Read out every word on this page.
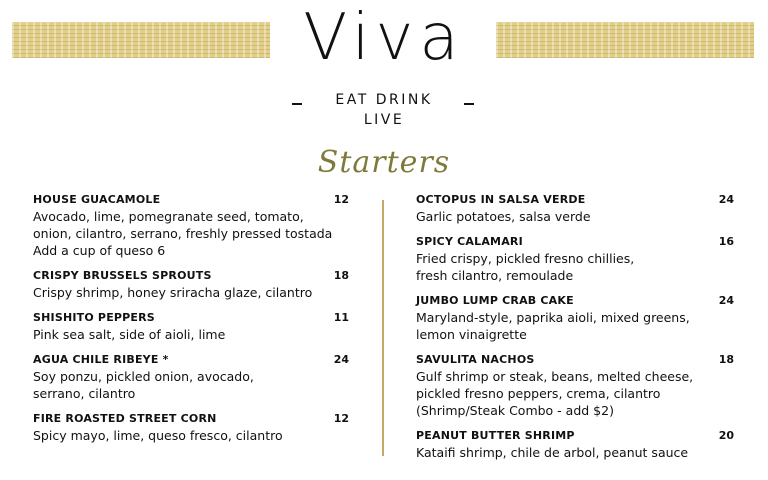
Viva
EAT DRINK
LIVE
Starters
HOUSE GUACAMOLE	12
Avocado, lime, pomegranate seed, tomato,
onion, cilantro, serrano, freshly pressed tostada
Add a cup of queso 6
CRISPY BRUSSELS SPROUTS	18
Crispy shrimp, honey sriracha glaze, cilantro
SHISHITO PEPPERS	11
Pink sea salt, side of aioli, lime
AGUA CHILE RIBEYE *	24
Soy ponzu, pickled onion, avocado,
serrano, cilantro
FIRE ROASTED STREET CORN	12
Spicy mayo, lime, queso fresco, cilantro
OCTOPUS IN SALSA VERDE	24
Garlic potatoes, salsa verde
SPICY CALAMARI	16
Fried crispy, pickled fresno chillies,
fresh cilantro, remoulade
JUMBO LUMP CRAB CAKE	24
Maryland-style, paprika aioli, mixed greens,
lemon vinaigrette
SAVULITA NACHOS	18
Gulf shrimp or steak, beans, melted cheese,
pickled fresno peppers, crema, cilantro
(Shrimp/Steak Combo - add $2)
PEANUT BUTTER SHRIMP	20
Kataifi shrimp, chile de arbol, peanut sauce
